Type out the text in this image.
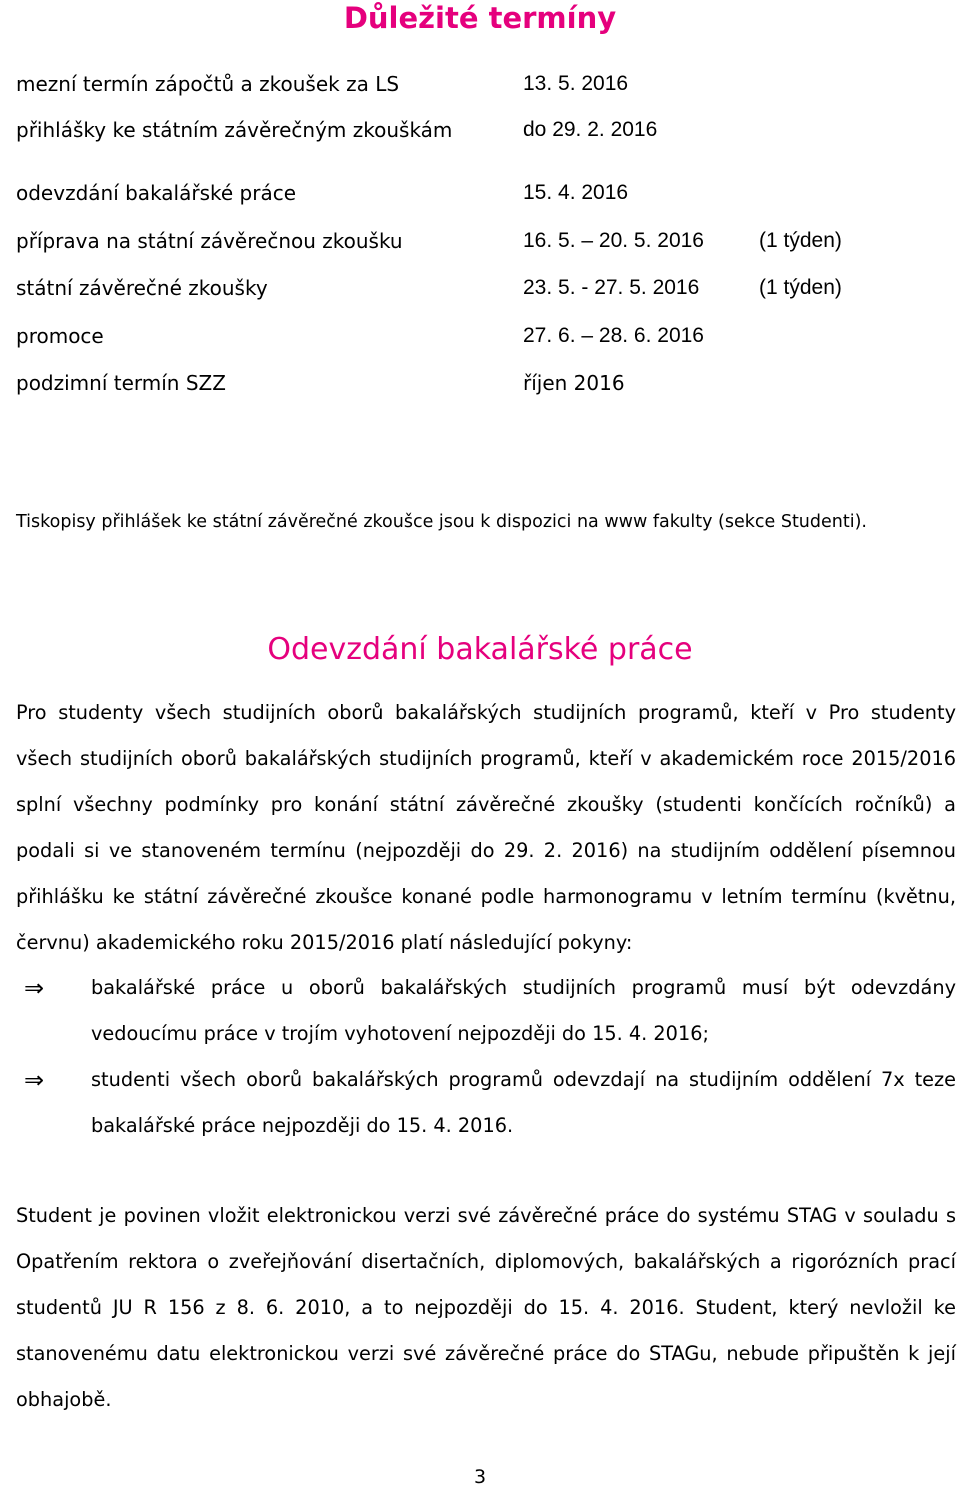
Důležité termíny
mezní termín zápočtů a zkoušek za LS	13. 5. 2016
přihlášky ke státním závěrečným zkouškám	do 29. 2. 2016
odevzdání bakalářské práce	15. 4. 2016
příprava na státní závěrečnou zkoušku	16. 5. – 20. 5. 2016	(1 týden)
státní závěrečné zkoušky	23. 5. - 27. 5. 2016	(1 týden)
promoce	27. 6. – 28. 6. 2016
podzimní termín SZZ	říjen 2016
Tiskopisy přihlášek ke státní závěrečné zkoušce jsou k dispozici na www fakulty (sekce Studenti).
Odevzdání bakalářské práce

Pro studenty všech studijních oborů bakalářských studijních programů, kteří v Pro studenty všech studijních oborů bakalářských studijních programů, kteří v akademickém roce 2015/2016 splní všechny podmínky pro konání státní závěrečné zkoušky (studenti končících ročníků) a podali si ve stanoveném termínu (nejpozději do 29. 2. 2016) na studijním oddělení písemnou přihlášku ke státní závěrečné zkoušce konané podle harmonogramu v letním termínu (květnu, červnu) akademického roku 2015/2016 platí následující pokyny:

⇒ bakalářské práce u oborů bakalářských studijních programů musí být odevzdány vedoucímu práce v trojím vyhotovení nejpozději do 15. 4. 2016;

⇒ studenti všech oborů bakalářských programů odevzdají na studijním oddělení 7x teze bakalářské práce nejpozději do 15. 4. 2016.

Student je povinen vložit elektronickou verzi své závěrečné práce do systému STAG v souladu s Opatřením rektora o zveřejňování disertačních, diplomových, bakalářských a rigorózních prací studentů JU R 156 z 8. 6. 2010, a to nejpozději do 15. 4. 2016. Student, který nevložil ke stanovenému datu elektronickou verzi své závěrečné práce do STAGu, nebude připuštěn k její obhajobě.

3
